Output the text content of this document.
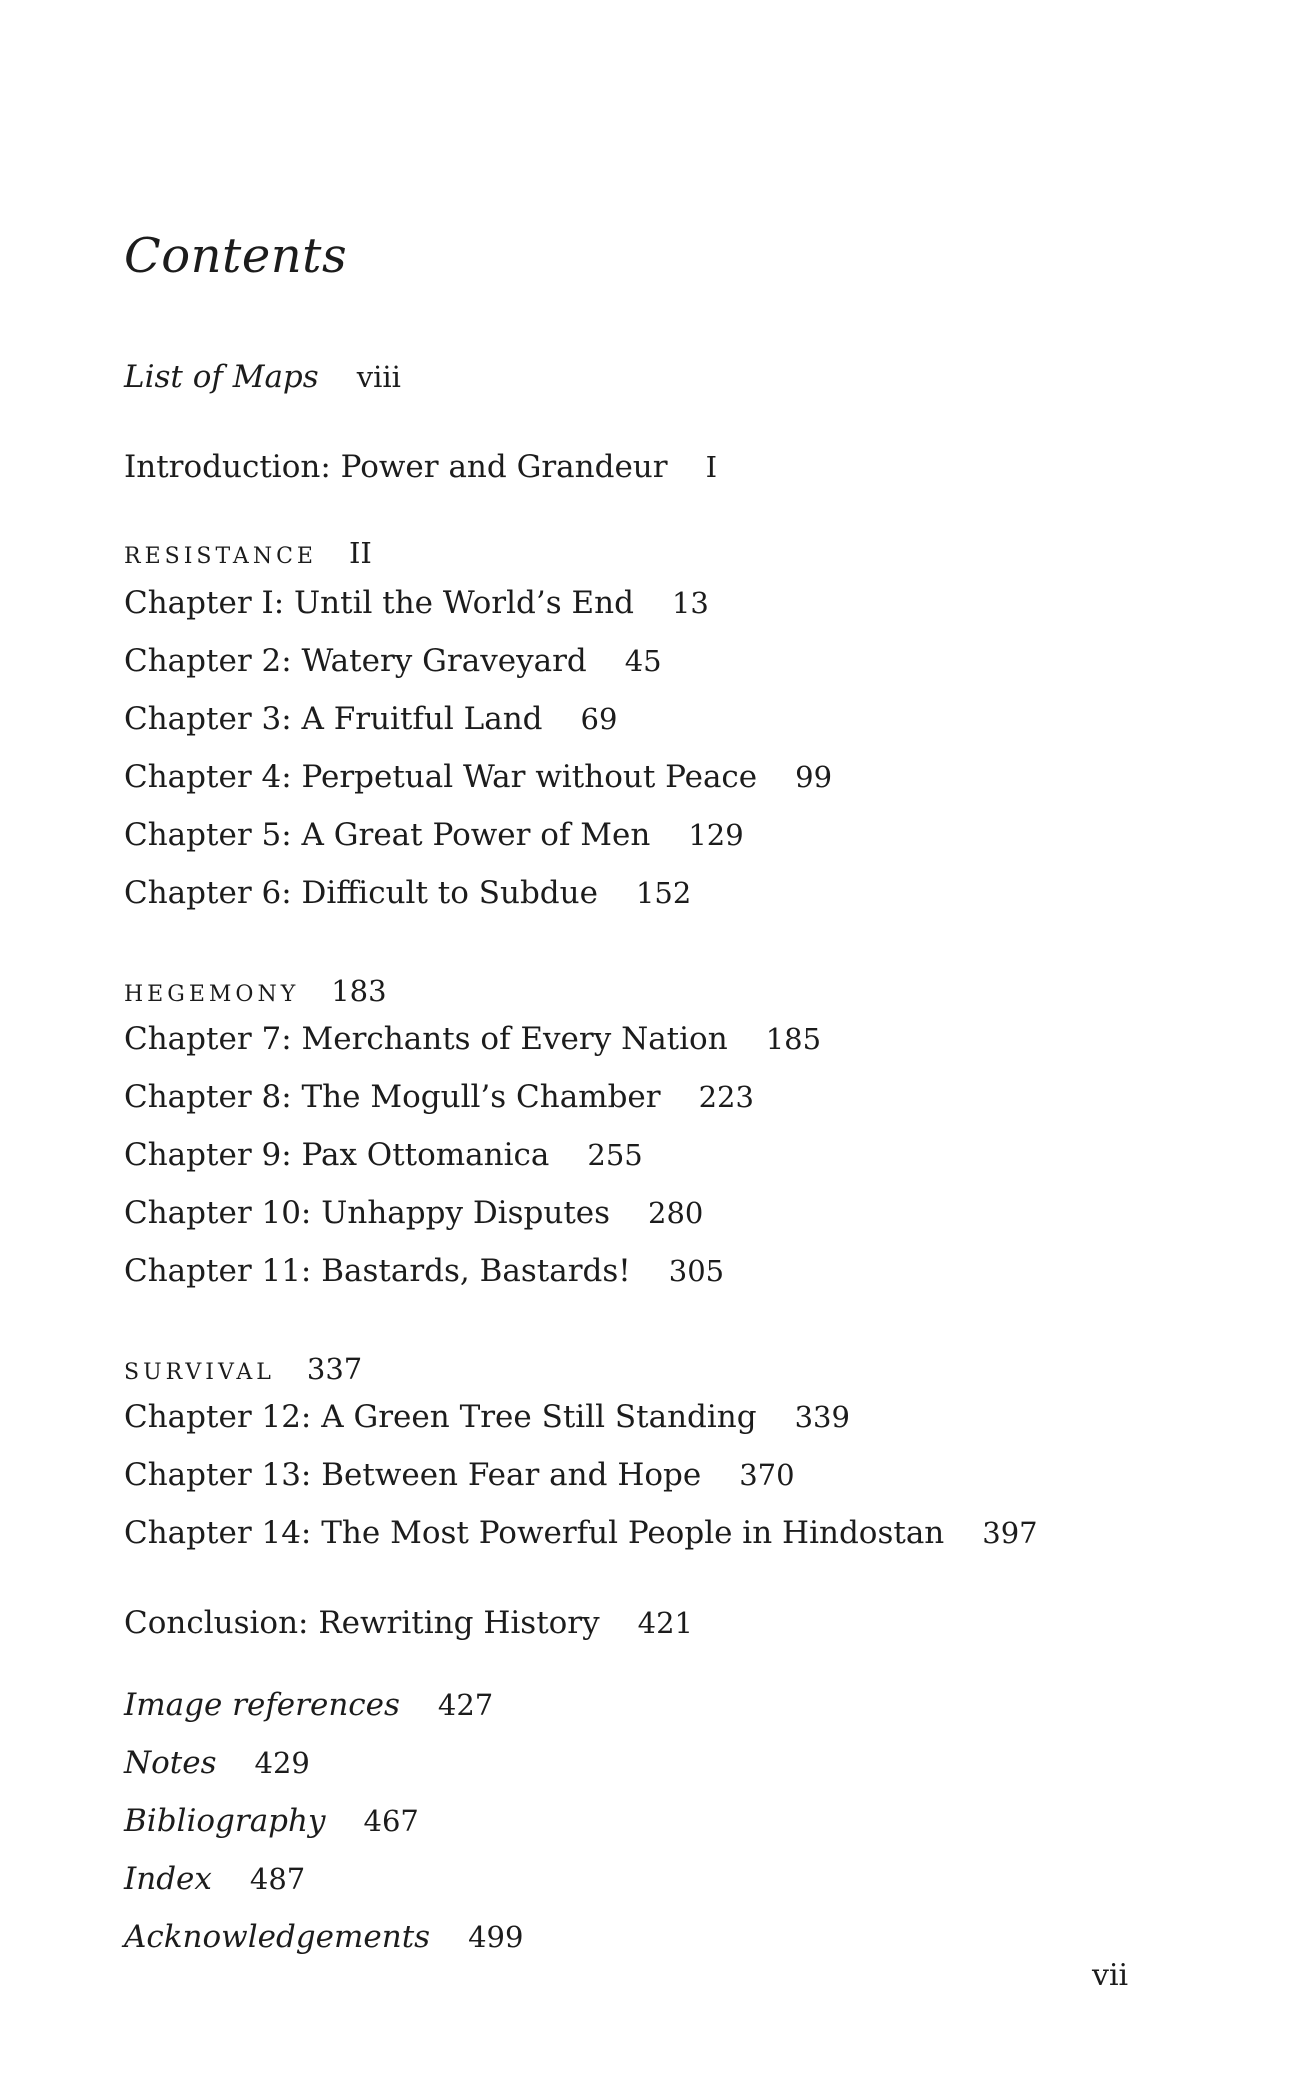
Contents
List of Maps viii
Introduction: Power and Grandeur I
RESISTANCE II
Chapter I: Until the World’s End 13
Chapter 2: Watery Graveyard 45
Chapter 3: A Fruitful Land 69
Chapter 4: Perpetual War without Peace 99
Chapter 5: A Great Power of Men 129
Chapter 6: Difficult to Subdue 152
HEGEMONY 183
Chapter 7: Merchants of Every Nation 185
Chapter 8: The Mogull’s Chamber 223
Chapter 9: Pax Ottomanica 255
Chapter 10: Unhappy Disputes 280
Chapter 11: Bastards, Bastards! 305
SURVIVAL 337
Chapter 12: A Green Tree Still Standing 339
Chapter 13: Between Fear and Hope 370
Chapter 14: The Most Powerful People in Hindostan 397
Conclusion: Rewriting History 421
Image references 427
Notes 429
Bibliography 467
Index 487
Acknowledgements 499
vii
